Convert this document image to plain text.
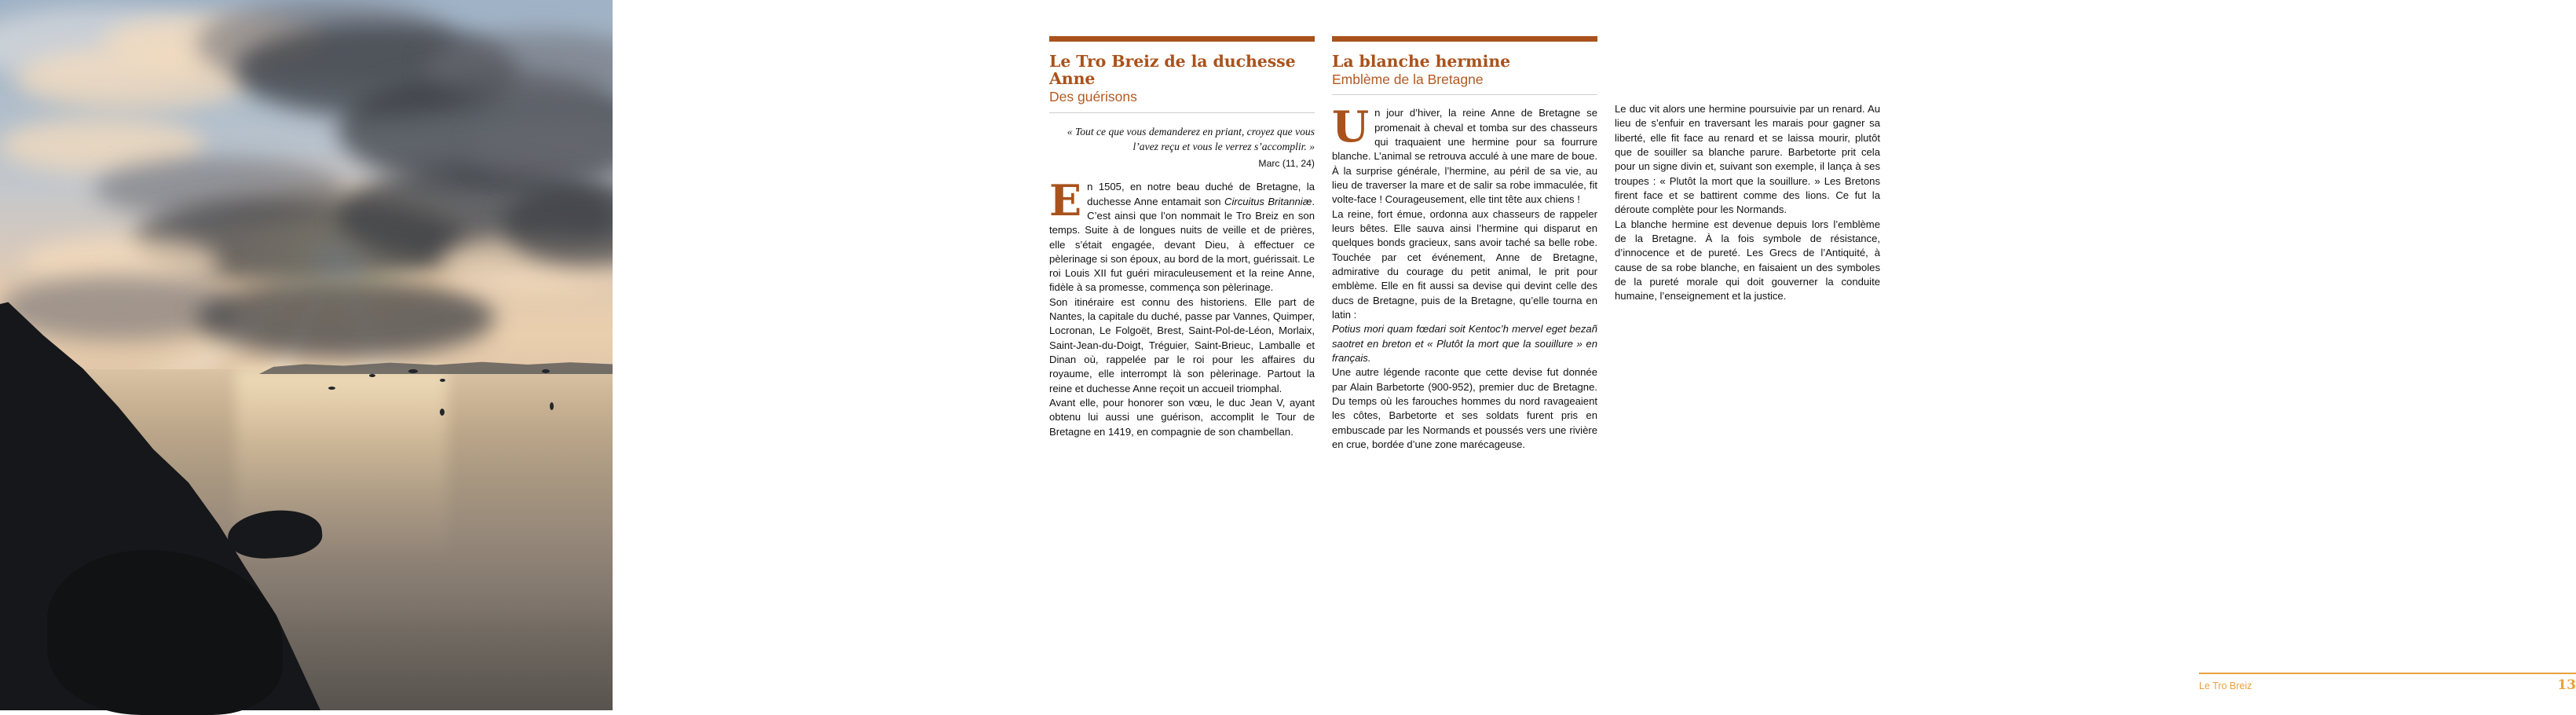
Le Tro Breiz de la duchesse Anne
Des guérisons
« Tout ce que vous demanderez en priant, croyez que vous l’avez reçu et vous le verrez s’accomplir. »
Marc (11, 24)

En 1505, en notre beau duché de Bretagne, la duchesse Anne entamait son Circuitus Britanniæ. C’est ainsi que l’on nommait le Tro Breiz en son temps. Suite à de longues nuits de veille et de prières, elle s’était engagée, devant Dieu, à effectuer ce pèlerinage si son époux, au bord de la mort, guérissait. Le roi Louis XII fut guéri miraculeusement et la reine Anne, fidèle à sa promesse, commença son pèlerinage.

Son itinéraire est connu des historiens. Elle part de Nantes, la capitale du duché, passe par Vannes, Quimper, Locronan, Le Folgoët, Brest, Saint-Pol-de-Léon, Morlaix, Saint-Jean-du-Doigt, Tréguier, Saint-Brieuc, Lamballe et Dinan où, rappelée par le roi pour les affaires du royaume, elle interrompt là son pèlerinage. Partout la reine et duchesse Anne reçoit un accueil triomphal.

Avant elle, pour honorer son vœu, le duc Jean V, ayant obtenu lui aussi une guérison, accomplit le Tour de Bretagne en 1419, en compagnie de son chambellan.

La blanche hermine
Emblème de la Bretagne

Un jour d’hiver, la reine Anne de Bretagne se promenait à cheval et tomba sur des chasseurs qui traquaient une hermine pour sa fourrure blanche. L’animal se retrouva acculé à une mare de boue. À la surprise générale, l’hermine, au péril de sa vie, au lieu de traverser la mare et de salir sa robe immaculée, fit volte-face ! Courageusement, elle tint tête aux chiens !

La reine, fort émue, ordonna aux chasseurs de rappeler leurs bêtes. Elle sauva ainsi l’hermine qui disparut en quelques bonds gracieux, sans avoir taché sa belle robe. Touchée par cet événement, Anne de Bretagne, admirative du courage du petit animal, le prit pour emblème. Elle en fit aussi sa devise qui devint celle des ducs de Bretagne, puis de la Bretagne, qu’elle tourna en latin :

Potius mori quam fœdari soit Kentoc’h mervel eget bezañ saotret en breton et « Plutôt la mort que la souillure » en français.

Une autre légende raconte que cette devise fut donnée par Alain Barbetorte (900-952), premier duc de Bretagne. Du temps où les farouches hommes du nord ravageaient les côtes, Barbetorte et ses soldats furent pris en embuscade par les Normands et poussés vers une rivière en crue, bordée d’une zone marécageuse.

Le duc vit alors une hermine poursuivie par un renard. Au lieu de s’enfuir en traversant les marais pour gagner sa liberté, elle fit face au renard et se laissa mourir, plutôt que de souiller sa blanche parure. Barbetorte prit cela pour un signe divin et, suivant son exemple, il lança à ses troupes : « Plutôt la mort que la souillure. » Les Bretons firent face et se battirent comme des lions. Ce fut la déroute complète pour les Normands.

La blanche hermine est devenue depuis lors l’emblème de la Bretagne. À la fois symbole de résistance, d’innocence et de pureté. Les Grecs de l’Antiquité, à cause de sa robe blanche, en faisaient un des symboles de la pureté morale qui doit gouverner la conduite humaine, l’enseignement et la justice.

Le Tro Breiz	13
